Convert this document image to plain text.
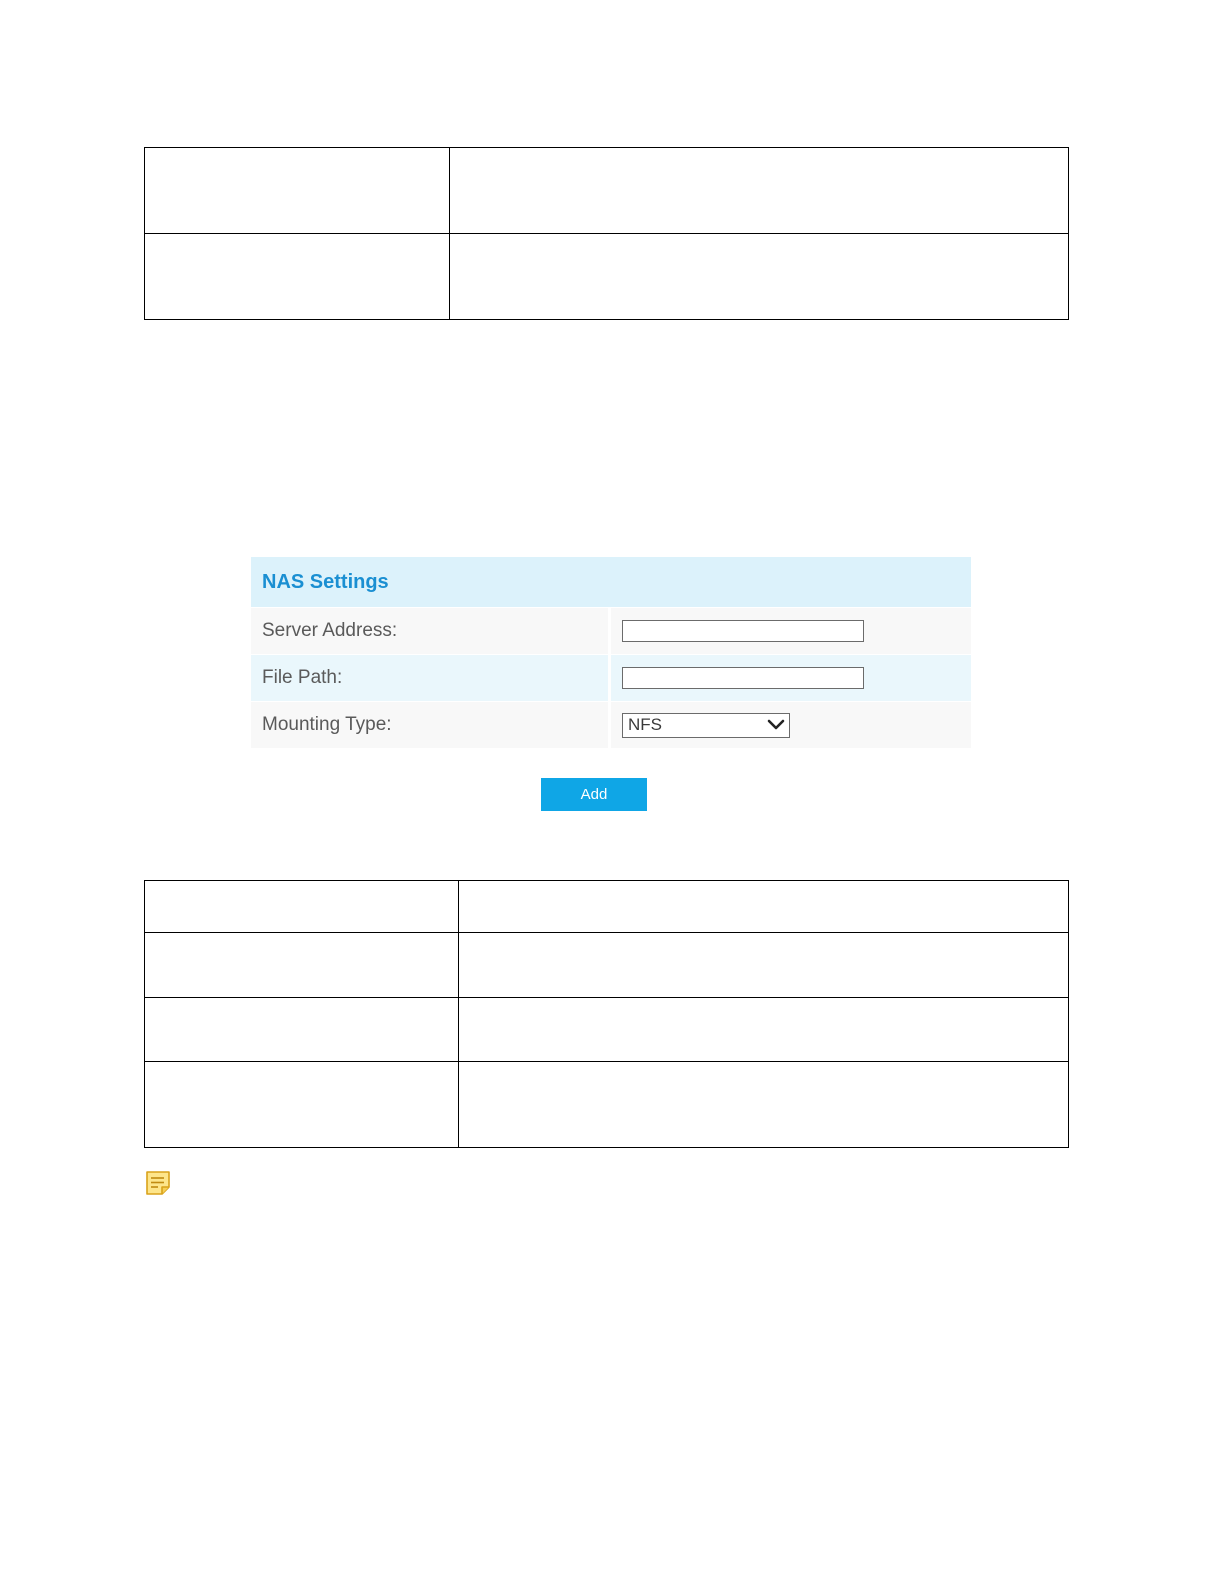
NAS Settings
Server Address:
File Path:
Mounting Type:	NFS
Add
